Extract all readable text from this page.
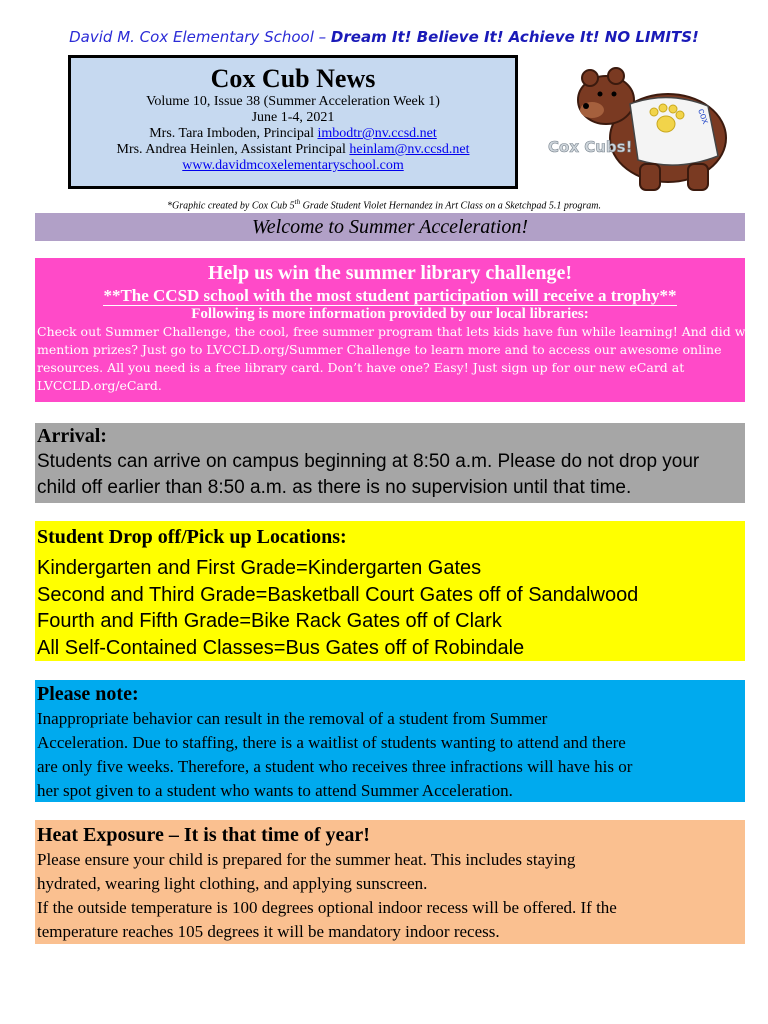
David M. Cox Elementary School – Dream It! Believe It! Achieve It! NO LIMITS!
Cox Cub News
Volume 10, Issue 38 (Summer Acceleration Week 1)
June 1-4, 2021
Mrs. Tara Imboden, Principal imbodtr@nv.ccsd.net
Mrs. Andrea Heinlen, Assistant Principal heinlam@nv.ccsd.net
www.davidmcoxelementaryschool.com
cox
Cox Cubs!
*Graphic created by Cox Cub 5th Grade Student Violet Hernandez in Art Class on a Sketchpad 5.1 program.
Welcome to Summer Acceleration!
Help us win the summer library challenge!
**The CCSD school with the most student participation will receive a trophy**
Following is more information provided by our local libraries:
Check out Summer Challenge, the cool, free summer program that lets kids have fun while learning! And did we
mention prizes? Just go to LVCCLD.org/Summer Challenge to learn more and to access our awesome online
resources. All you need is a free library card. Don’t have one? Easy! Just sign up for our new eCard at
LVCCLD.org/eCard.
Arrival:
Students can arrive on campus beginning at 8:50 a.m. Please do not drop your
child off earlier than 8:50 a.m. as there is no supervision until that time.
Student Drop off/Pick up Locations:
Kindergarten and First Grade=Kindergarten Gates
Second and Third Grade=Basketball Court Gates off of Sandalwood
Fourth and Fifth Grade=Bike Rack Gates off of Clark
All Self-Contained Classes=Bus Gates off of Robindale
Please note:
Inappropriate behavior can result in the removal of a student from Summer
Acceleration. Due to staffing, there is a waitlist of students wanting to attend and there
are only five weeks. Therefore, a student who receives three infractions will have his or
her spot given to a student who wants to attend Summer Acceleration.
Heat Exposure – It is that time of year!
Please ensure your child is prepared for the summer heat. This includes staying
hydrated, wearing light clothing, and applying sunscreen.
If the outside temperature is 100 degrees optional indoor recess will be offered. If the
temperature reaches 105 degrees it will be mandatory indoor recess.
